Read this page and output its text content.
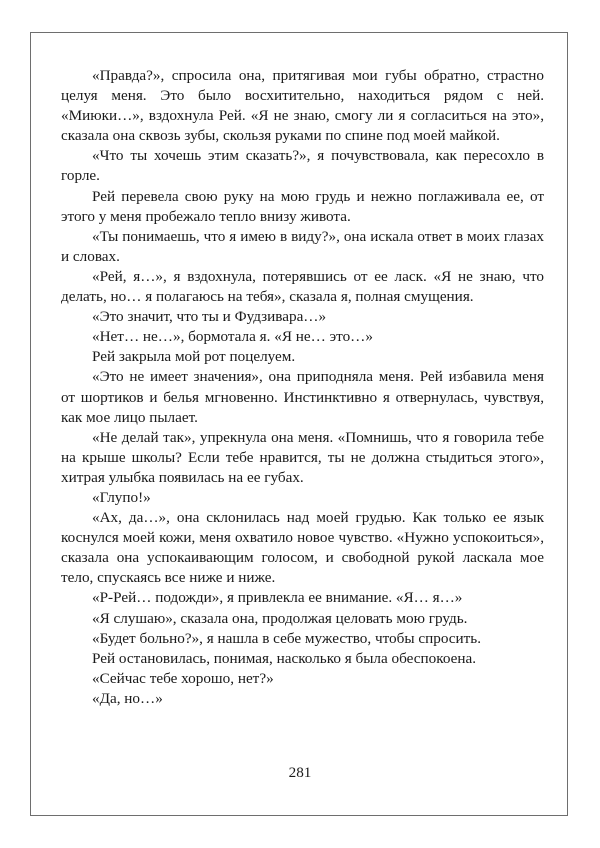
«Правда?», спросила она, притягивая мои губы обратно, страстно целуя меня. Это было восхитительно, находиться рядом с ней. «Миюки…», вздохнула Рей. «Я не знаю, смогу ли я согласиться на это», сказала она сквозь зубы, скользя руками по спине под моей майкой.

«Что ты хочешь этим сказать?», я почувствовала, как пересохло в горле.

Рей перевела свою руку на мою грудь и нежно поглаживала ее, от этого у меня пробежало тепло внизу живота.

«Ты понимаешь, что я имею в виду?», она искала ответ в моих глазах и словах.

«Рей, я…», я вздохнула, потерявшись от ее ласк. «Я не знаю, что делать, но… я полагаюсь на тебя», сказала я, полная смущения.

«Это значит, что ты и Фудзивара…»

«Нет… не…», бормотала я. «Я не… это…»

Рей закрыла мой рот поцелуем.

«Это не имеет значения», она приподняла меня. Рей избавила меня от шортиков и белья мгновенно. Инстинктивно я отвернулась, чувствуя, как мое лицо пылает.

«Не делай так», упрекнула она меня. «Помнишь, что я говорила тебе на крыше школы? Если тебе нравится, ты не должна стыдиться этого», хитрая улыбка появилась на ее губах.

«Глупо!»

«Ах, да…», она склонилась над моей грудью. Как только ее язык коснулся моей кожи, меня охватило новое чувство. «Нужно успокоиться», сказала она успокаивающим голосом, и свободной рукой ласкала мое тело, спускаясь все ниже и ниже.

«Р-Рей… подожди», я привлекла ее внимание. «Я… я…»

«Я слушаю», сказала она, продолжая целовать мою грудь.

«Будет больно?», я нашла в себе мужество, чтобы спросить.

Рей остановилась, понимая, насколько я была обеспокоена.

«Сейчас тебе хорошо, нет?»

«Да, но…»

281
